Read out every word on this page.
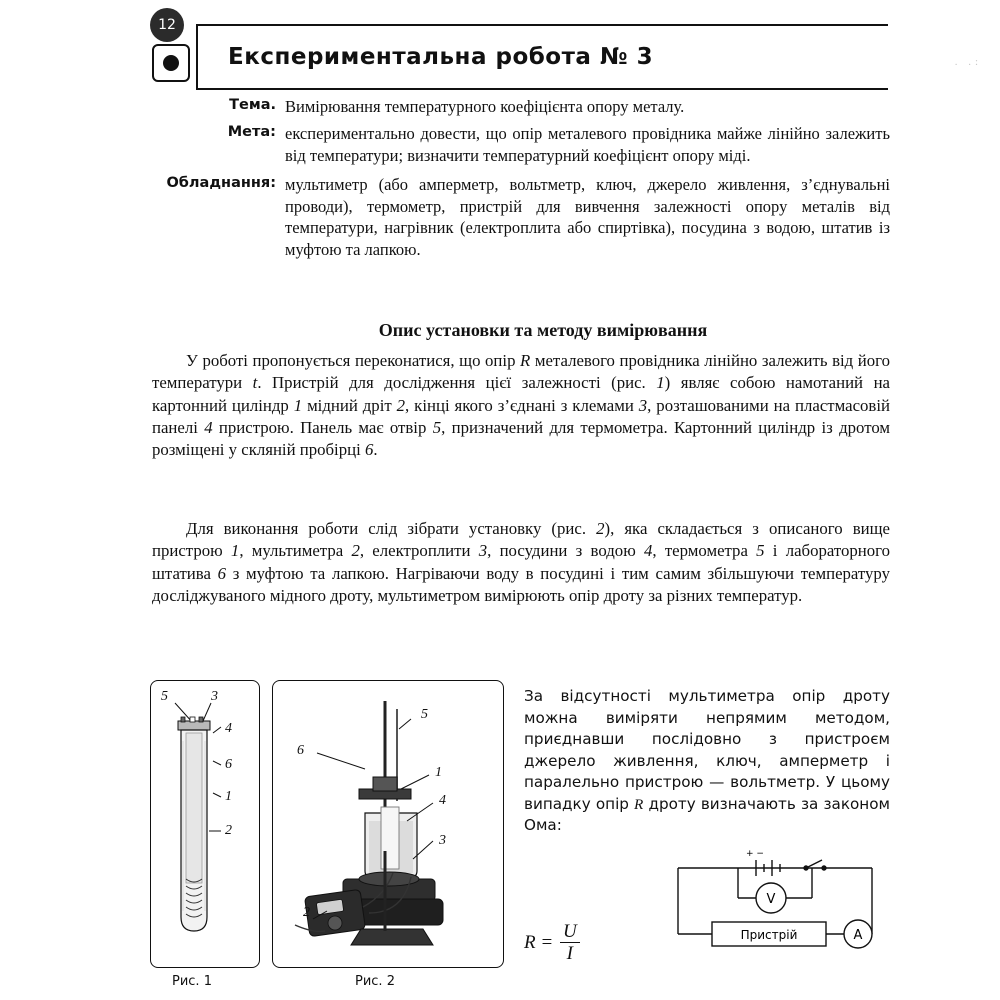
12
Експериментальна робота № 3	. .:
Тема. Вимірювання температурного коефіцієнта опору металу.
Мета: експериментально довести, що опір металевого провідника майже лінійно залежить від температури; визначити температурний коефіцієнт опору міді.
Обладнання: мультиметр (або амперметр, вольтметр, ключ, джерело живлення, з’єднувальні проводи), термометр, пристрій для вивчення залежності опору металів від температури, нагрівник (електроплита або спиртівка), посудина з водою, штатив із муфтою та лапкою.
Опис установки та методу вимірювання
У роботі пропонується переконатися, що опір R металевого провідника лінійно залежить від його температури t. Пристрій для дослідження цієї залежності (рис. 1) являє собою намотаний на картонний циліндр 1 мідний дріт 2, кінці якого з’єднані з клемами 3, розташованими на пластмасовій панелі 4 пристрою. Панель має отвір 5, призначений для термометра. Картонний циліндр із дротом розміщені у скляній пробірці 6.
Для виконання роботи слід зібрати установку (рис. 2), яка складається з описаного вище пристрою 1, мультиметра 2, електроплити 3, посудини з водою 4, термометра 5 і лабораторного штатива 6 з муфтою та лапкою. Нагріваючи воду в посудині і тим самим збільшуючи температуру досліджуваного мідного дроту, мультиметром вимірюють опір дроту за різних температур.
5	3
4
6
1
2
Рис. 1
5
6
1
4
3
2
Рис. 2
За відсутності мультиметра опір дроту можна виміряти непрямим методом, приєднавши послідовно з пристроєм джерело живлення, ключ, амперметр і паралельно пристрою — вольтметр. У цьому випадку опір R дроту визначають за законом Ома:
$R = \frac{U}{I}$
+ −
V
Пристрій	A
